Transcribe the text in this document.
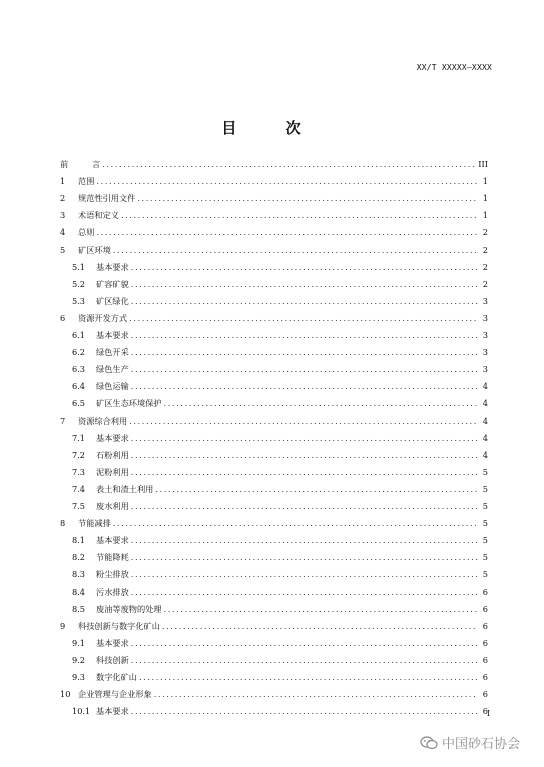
XX/T XXXXX—XXXX
目 次
前	言 .....	III
1	范围 .....	1
2	规范性引用文件 .....	1
3	术语和定义 .....	1
4	总则 .....	2
5	矿区环境 .....	2
5.1	基本要求 .....	2
5.2	矿容矿貌 .....	2
5.3	矿区绿化 .....	3
6	资源开发方式 .....	3
6.1	基本要求 .....	3
6.2	绿色开采 .....	3
6.3	绿色生产 .....	3
6.4	绿色运输 .....	4
6.5	矿区生态环境保护 .....	4
7	资源综合利用 .....	4
7.1	基本要求 .....	4
7.2	石粉利用 .....	4
7.3	泥粉利用 .....	5
7.4	表土和渣土利用 .....	5
7.5	废水利用 .....	5
8	节能减排 .....	5
8.1	基本要求 .....	5
8.2	节能降耗 .....	5
8.3	粉尘排放 .....	5
8.4	污水排放 .....	6
8.5	废油等废物的处理 .....	6
9	科技创新与数字化矿山 .....	6
9.1	基本要求 .....	6
9.2	科技创新 .....	6
9.3	数字化矿山 .....	6
10 企业管理与企业形象 .....	6
10.1 基本要求 .....	6
I
中国砂石协会
